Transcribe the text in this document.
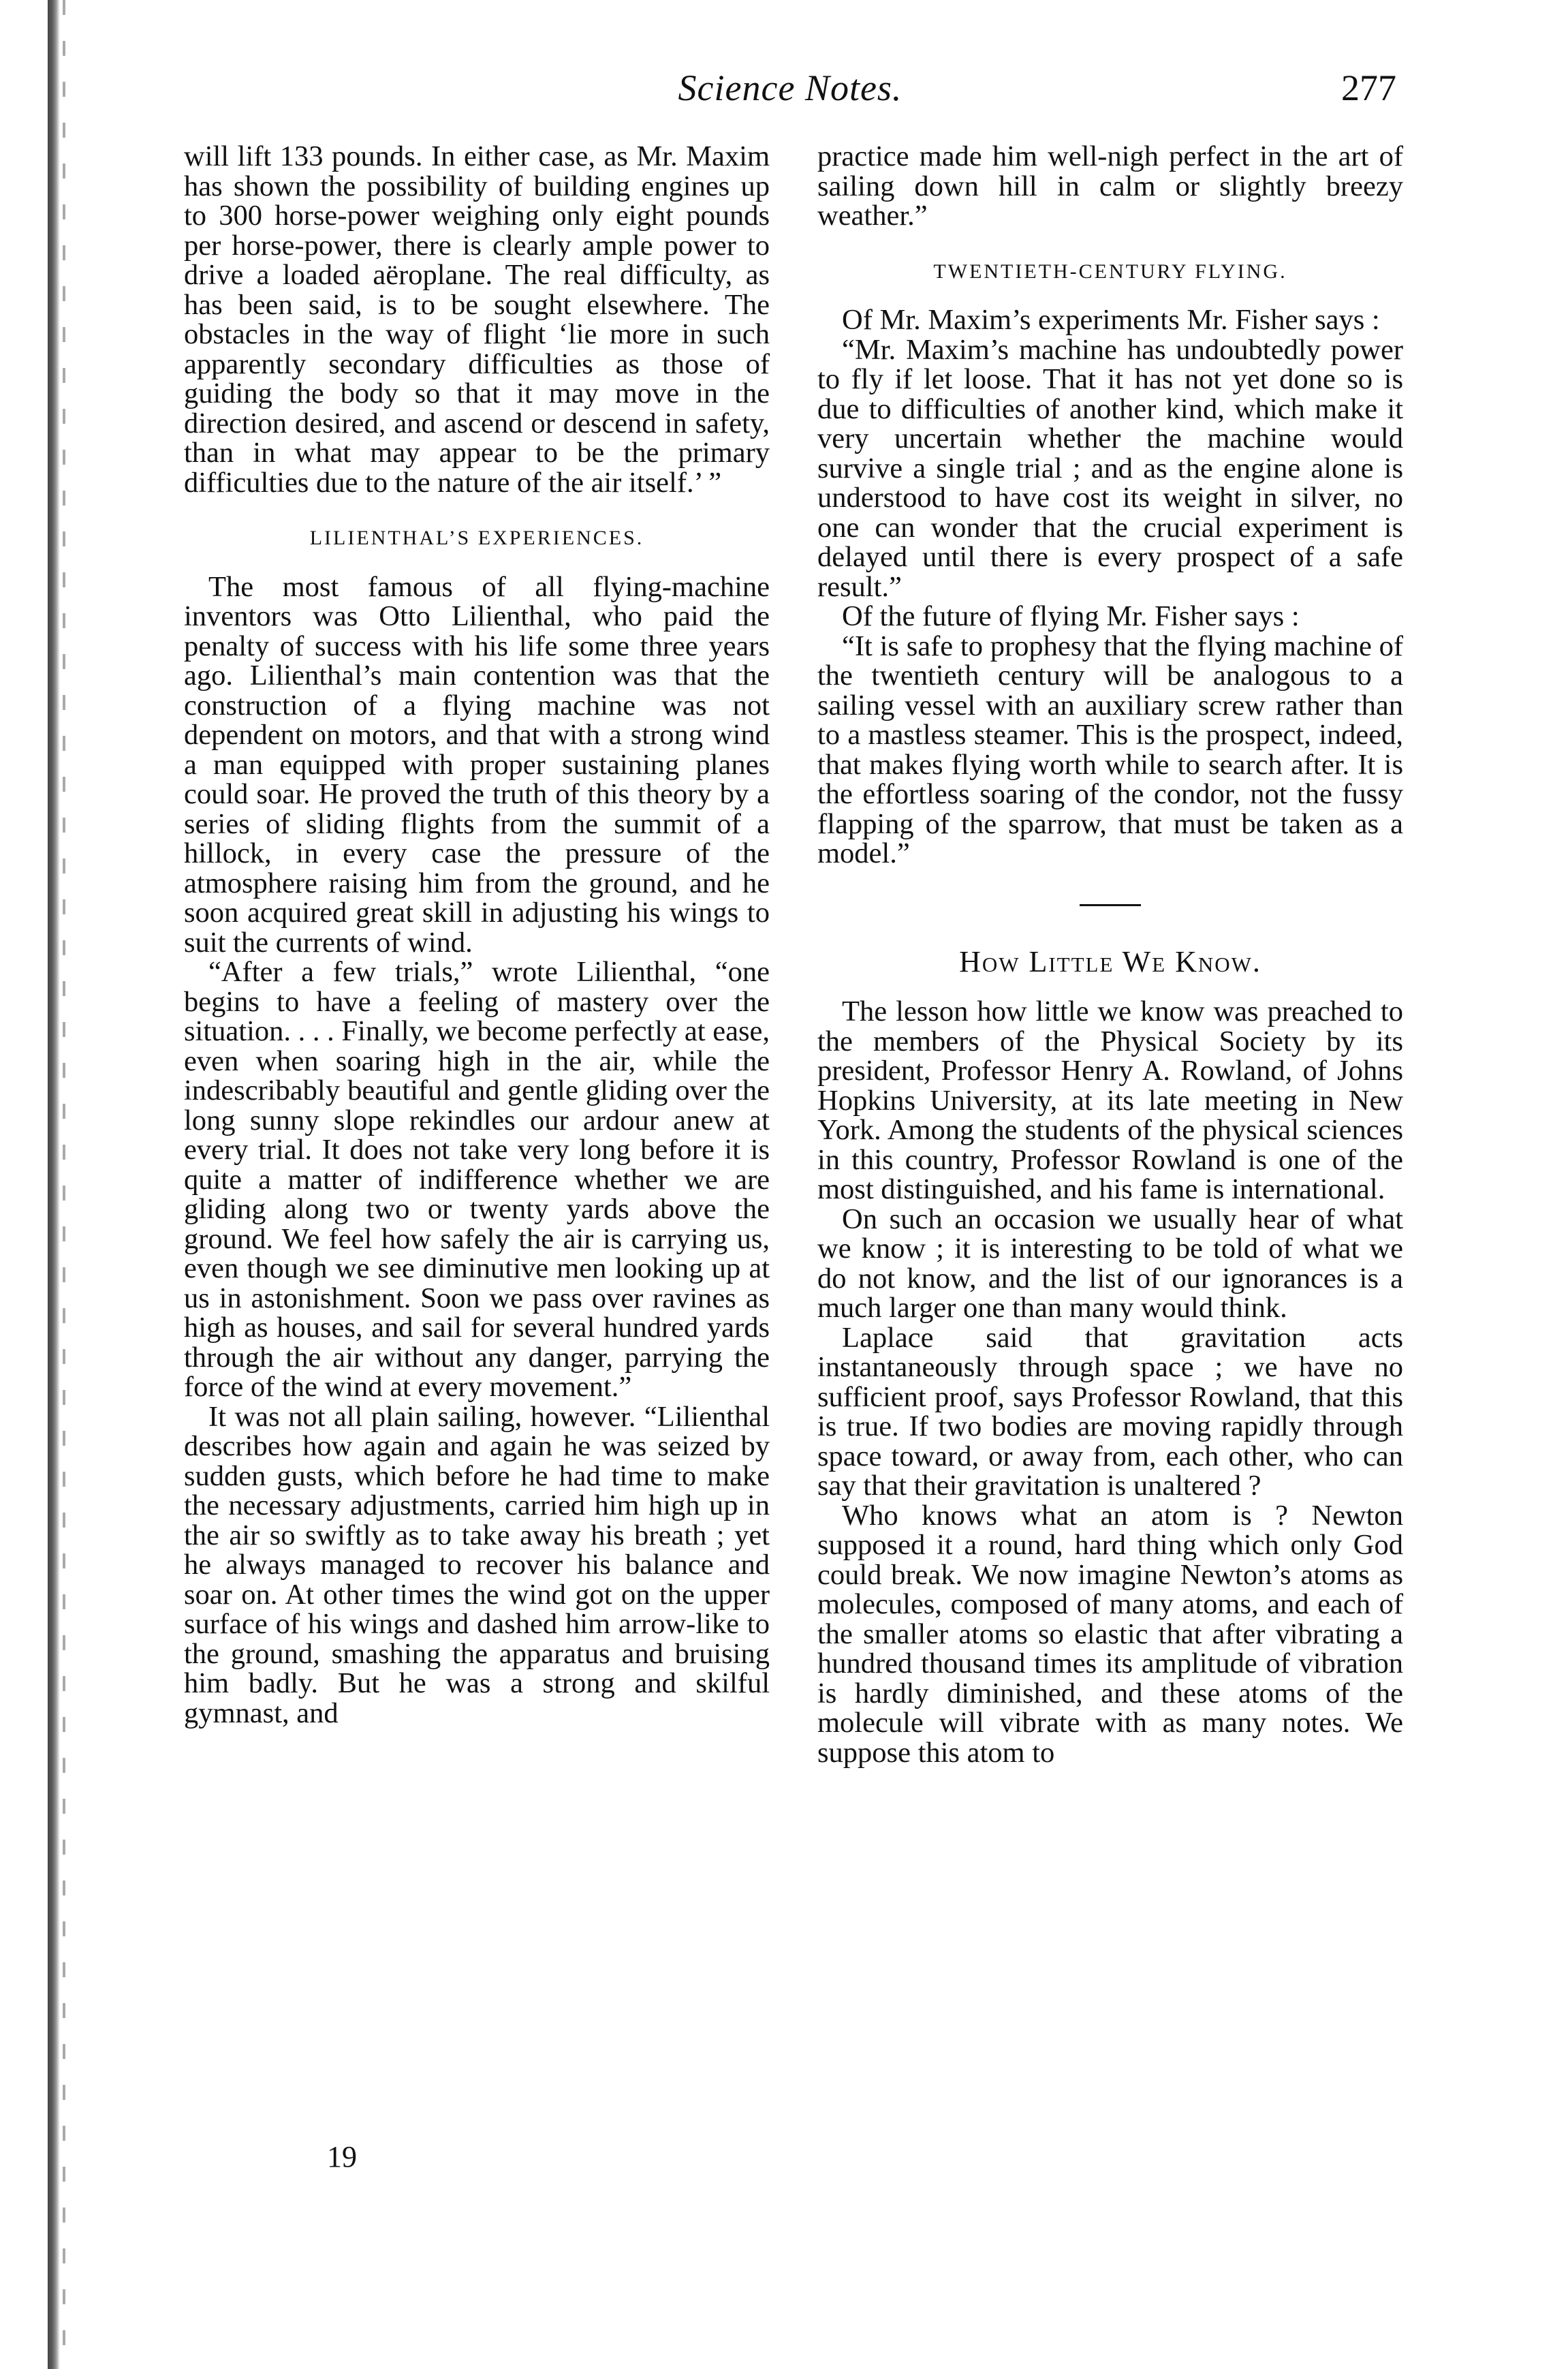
Science Notes.	277

will lift 133 pounds. In either case, as Mr. Maxim has shown the possibility of building engines up to 300 horse-power weighing only eight pounds per horse-power, there is clearly ample power to drive a loaded aëroplane. The real difficulty, as has been said, is to be sought elsewhere. The obstacles in the way of flight ‘lie more in such apparently secondary difficulties as those of guiding the body so that it may move in the direction desired, and ascend or descend in safety, than in what may appear to be the primary difficulties due to the nature of the air itself.’ ”

LILIENTHAL’S EXPERIENCES.

The most famous of all flying-machine inventors was Otto Lilienthal, who paid the penalty of success with his life some three years ago. Lilienthal’s main contention was that the construction of a flying machine was not dependent on motors, and that with a strong wind a man equipped with proper sustaining planes could soar. He proved the truth of this theory by a series of sliding flights from the summit of a hillock, in every case the pressure of the atmosphere raising him from the ground, and he soon acquired great skill in adjusting his wings to suit the currents of wind.

“After a few trials,” wrote Lilienthal, “one begins to have a feeling of mastery over the situation. . . . Finally, we become perfectly at ease, even when soaring high in the air, while the indescribably beautiful and gentle gliding over the long sunny slope rekindles our ardour anew at every trial. It does not take very long before it is quite a matter of indifference whether we are gliding along two or twenty yards above the ground. We feel how safely the air is carrying us, even though we see diminutive men looking up at us in astonishment. Soon we pass over ravines as high as houses, and sail for several hundred yards through the air without any danger, parrying the force of the wind at every movement.”

It was not all plain sailing, however. “Lilienthal describes how again and again he was seized by sudden gusts, which before he had time to make the necessary adjustments, carried him high up in the air so swiftly as to take away his breath ; yet he always managed to recover his balance and soar on. At other times the wind got on the upper surface of his wings and dashed him arrow-like to the ground, smashing the apparatus and bruising him badly. But he was a strong and skilful gymnast, and

practice made him well-nigh perfect in the art of sailing down hill in calm or slightly breezy weather.”

TWENTIETH-CENTURY FLYING.

Of Mr. Maxim’s experiments Mr. Fisher says :

“Mr. Maxim’s machine has undoubtedly power to fly if let loose. That it has not yet done so is due to difficulties of another kind, which make it very uncertain whether the machine would survive a single trial ; and as the engine alone is understood to have cost its weight in silver, no one can wonder that the crucial experiment is delayed until there is every prospect of a safe result.”

Of the future of flying Mr. Fisher says :

“It is safe to prophesy that the flying machine of the twentieth century will be analogous to a sailing vessel with an auxiliary screw rather than to a mastless steamer. This is the prospect, indeed, that makes flying worth while to search after. It is the effortless soaring of the condor, not the fussy flapping of the sparrow, that must be taken as a model.”

How Little We Know.

The lesson how little we know was preached to the members of the Physical Society by its president, Professor Henry A. Rowland, of Johns Hopkins University, at its late meeting in New York. Among the students of the physical sciences in this country, Professor Rowland is one of the most distinguished, and his fame is international.

On such an occasion we usually hear of what we know ; it is interesting to be told of what we do not know, and the list of our ignorances is a much larger one than many would think.

Laplace said that gravitation acts instantaneously through space ; we have no sufficient proof, says Professor Rowland, that this is true. If two bodies are moving rapidly through space toward, or away from, each other, who can say that their gravitation is unaltered ?

Who knows what an atom is ? Newton supposed it a round, hard thing which only God could break. We now imagine Newton’s atoms as molecules, composed of many atoms, and each of the smaller atoms so elastic that after vibrating a hundred thousand times its amplitude of vibration is hardly diminished, and these atoms of the molecule will vibrate with as many notes. We suppose this atom to

19
